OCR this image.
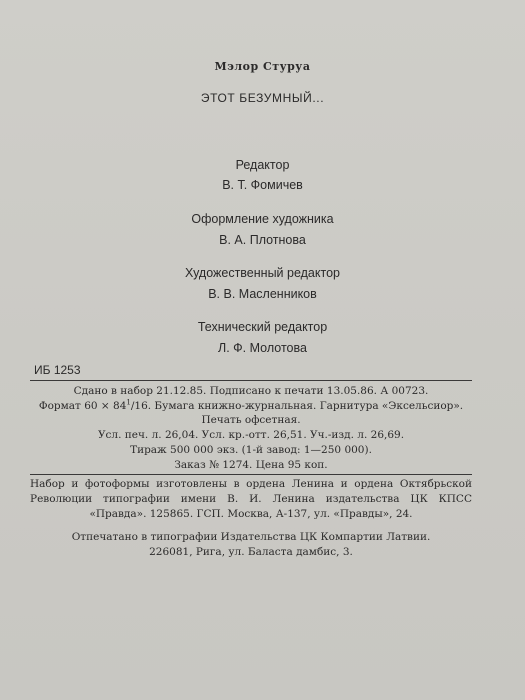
Мэлор Стуруа
ЭТОТ БЕЗУМНЫЙ...
Редактор
В. Т. Фомичев
Оформление художника
В. А. Плотнова
Художественный редактор
В. В. Масленников
Технический редактор
Л. Ф. Молотова
ИБ 1253
Сдано в набор 21.12.85. Подписано к печати 13.05.86. А 00723.
Формат $60 \times 84^1/16$. Бумага книжно-журнальная. Гарнитура «Эксельсиор».
Печать офсетная.
Усл. печ. л. 26,04. Усл. кр.-отт. 26,51. Уч.-изд. л. 26,69.
Тираж 500 000 экз. (1-й завод: 1—250 000).
Заказ № 1274. Цена 95 коп.
Набор и фотоформы изготовлены в ордена Ленина и ордена Октябрьской
Революции типографии имени В. И. Ленина издательства ЦК КПСС
«Правда». 125865. ГСП. Москва, А-137, ул. «Правды», 24.
Отпечатано в типографии Издательства ЦК Компартии Латвии.
226081, Рига, ул. Баласта дамбис, 3.
